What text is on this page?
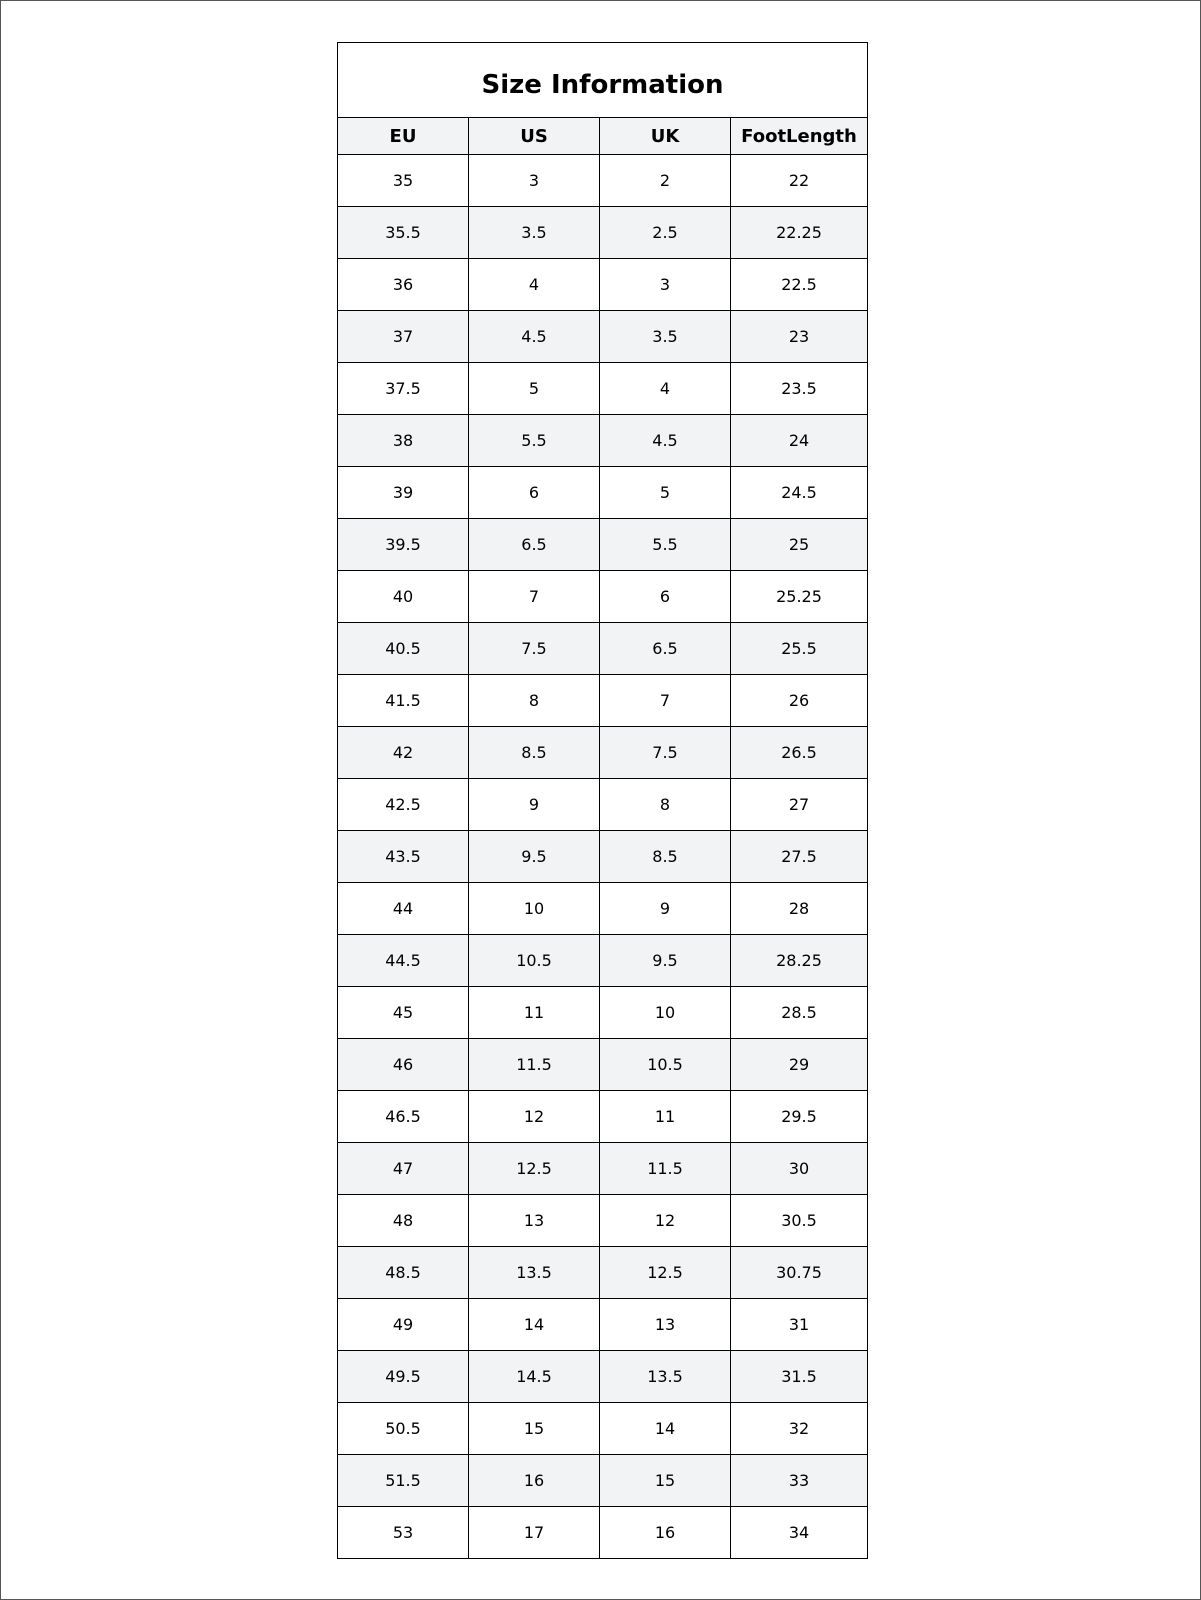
Size Information			
EU	US	UK	FootLength
35	3	2	22
35.5	3.5	2.5	22.25
36	4	3	22.5
37	4.5	3.5	23
37.5	5	4	23.5
38	5.5	4.5	24
39	6	5	24.5
39.5	6.5	5.5	25
40	7	6	25.25
40.5	7.5	6.5	25.5
41.5	8	7	26
42	8.5	7.5	26.5
42.5	9	8	27
43.5	9.5	8.5	27.5
44	10	9	28
44.5	10.5	9.5	28.25
45	11	10	28.5
46	11.5	10.5	29
46.5	12	11	29.5
47	12.5	11.5	30
48	13	12	30.5
48.5	13.5	12.5	30.75
49	14	13	31
49.5	14.5	13.5	31.5
50.5	15	14	32
51.5	16	15	33
53	17	16	34
